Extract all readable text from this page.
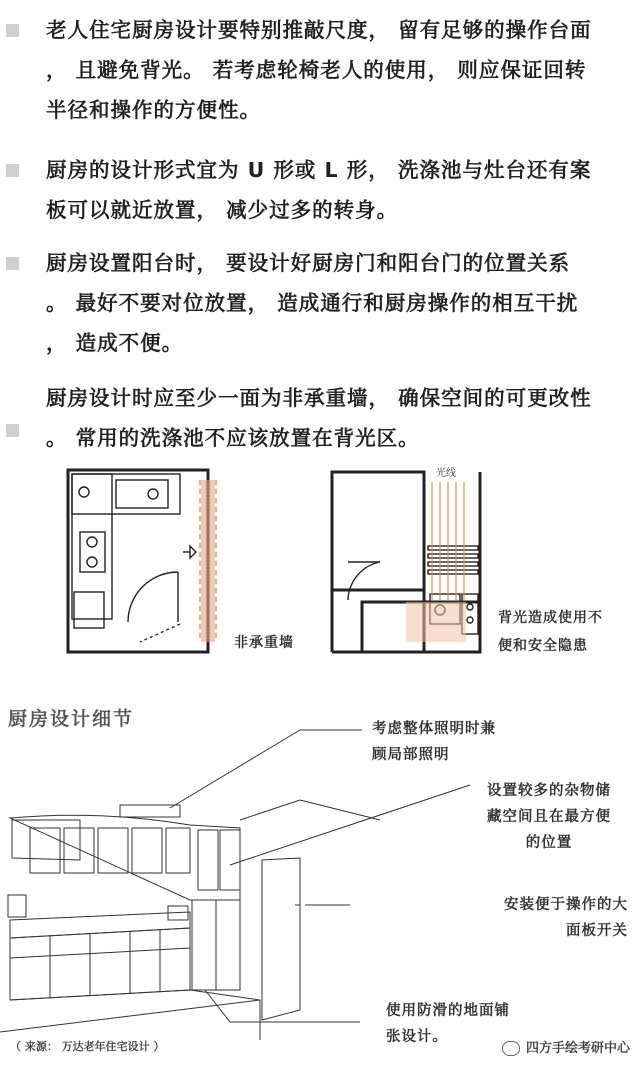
老人住宅厨房设计要特别推敲尺度， 留有足够的操作台面
， 且避免背光。 若考虑轮椅老人的使用， 则应保证回转
半径和操作的方便性。
厨房的设计形式宜为 U 形或 L 形， 洗涤池与灶台还有案
板可以就近放置， 减少过多的转身。
厨房设置阳台时， 要设计好厨房门和阳台门的位置关系
。 最好不要对位放置， 造成通行和厨房操作的相互干扰
， 造成不便。
厨房设计时应至少一面为非承重墙， 确保空间的可更改性
。 常用的洗涤池不应该放置在背光区。
非承重墙
光线
背光造成使用不
便和安全隐患
厨房设计细节	考虑整体照明时兼
顾局部照明
设置较多的杂物储
藏空间且在最方便
的位置
安装便于操作的大
面板开关
使用防滑的地面铺
张设计。
（ 来源： 万达老年住宅设计 ）	四方手绘考研中心
